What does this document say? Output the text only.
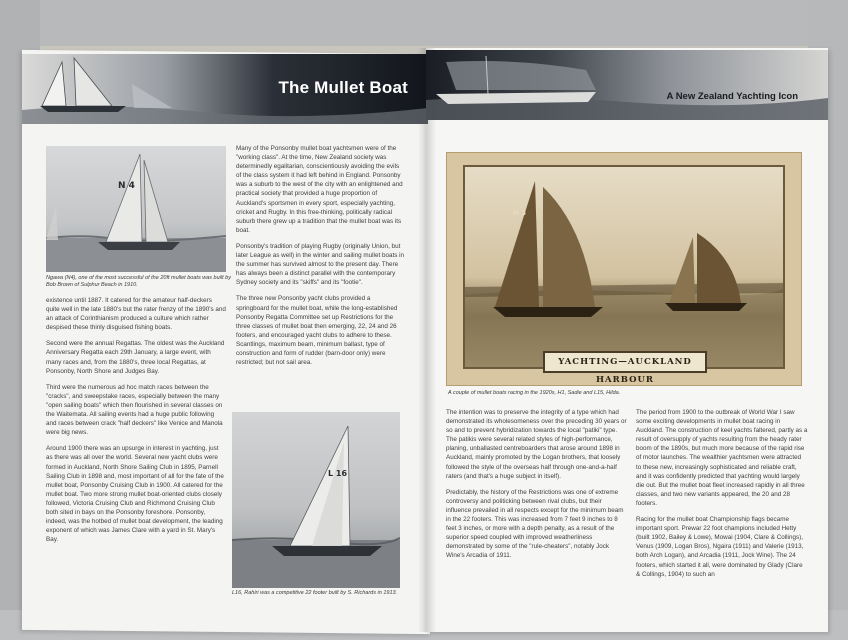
The Mullet Boat	A New Zealand Yachting Icon
N 4
Ngawa (N4), one of the most successful of the 20ft mullet boats was built by Bob Brown of Sulphur Beach in 1910.
L 16
L16, Rahiri was a competitive 22 footer built by S. Richards in 1913.
H 3
YACHTING—AUCKLAND HARBOUR
A couple of mullet boats racing in the 1920s, H1, Sadie and L15, Hilda.

existence until 1887. It catered for the amateur half-deckers quite well in the late 1880's but the rater frenzy of the 1890's and an attack of Corinthianism produced a culture which rather despised these thinly disguised fishing boats.

Second were the annual Regattas. The oldest was the Auckland Anniversary Regatta each 29th January, a large event, with many races and, from the 1880's, three local Regattas, at Ponsonby, North Shore and Judges Bay.

Third were the numerous ad hoc match races between the "cracks", and sweepstake races, especially between the many "open sailing boats" which then flourished in several classes on the Waitemata. All sailing events had a huge public following and races between crack "half deckers" like Venice and Manola were big news.

Around 1900 there was an upsurge in interest in yachting, just as there was all over the world. Several new yacht clubs were formed in Auckland, North Shore Sailing Club in 1895, Parnell Sailing Club in 1898 and, most important of all for the fate of the mullet boat, Ponsonby Cruising Club in 1900. All catered for the mullet boat. Two more strong mullet boat-oriented clubs closely followed, Victoria Cruising Club and Richmond Cruising Club both sited in bays on the Ponsonby foreshore. Ponsonby, indeed, was the hotbed of mullet boat development, the leading exponent of which was James Clare with a yard in St. Mary's Bay.

Many of the Ponsonby mullet boat yachtsmen were of the "working class". At the time, New Zealand society was determinedly egalitarian, conscientiously avoiding the evils of the class system it had left behind in England. Ponsonby was a suburb to the west of the city with an enlightened and practical society that provided a huge proportion of Auckland's sportsmen in every sport, especially yachting, cricket and Rugby. In this free-thinking, politically radical suburb there grew up a tradition that the mullet boat was its boat.

Ponsonby's tradition of playing Rugby (originally Union, but later League as well) in the winter and sailing mullet boats in the summer has survived almost to the present day. There has always been a distinct parallel with the contemporary Sydney society and its "skiffs" and its "footie".

The three new Ponsonby yacht clubs provided a springboard for the mullet boat, while the long-established Ponsonby Regatta Committee set up Restrictions for the three classes of mullet boat then emerging, 22, 24 and 26 footers, and encouraged yacht clubs to adhere to these. Scantlings, maximum beam, minimum ballast, type of construction and form of rudder (barn-door only) were restricted; but not sail area.

The intention was to preserve the integrity of a type which had demonstrated its wholesomeness over the preceding 30 years or so and to prevent hybridization towards the local "patiki" type. The patikis were several related styles of high-performance, planing, unballasted centreboarders that arose around 1898 in Auckland, mainly promoted by the Logan brothers, that loosely followed the style of the overseas half through one-and-a-half raters (and that's a huge subject in itself).

Predictably, the history of the Restrictions was one of extreme controversy and politicking between rival clubs, but their influence prevailed in all respects except for the minimum beam in the 22 footers. This was increased from 7 feet 9 inches to 8 feet 3 inches, or more with a depth penalty, as a result of the superior speed coupled with improved weatherliness demonstrated by some of the "rule-cheaters", notably Jock Wine's Arcadia of 1911.

The period from 1900 to the outbreak of World War I saw some exciting developments in mullet boat racing in Auckland. The construction of keel yachts faltered, partly as a result of oversupply of yachts resulting from the heady rater boom of the 1890s, but much more because of the rapid rise of motor launches. The wealthier yachtsmen were attracted to these new, increasingly sophisticated and reliable craft, and it was confidently predicted that yachting would largely die out. But the mullet boat fleet increased rapidly in all three classes, and two new variants appeared, the 20 and 28 footers.

Racing for the mullet boat Championship flags became important sport. Prewar 22 foot champions included Hetty (built 1902, Bailey & Lowe), Mowai (1904, Clare & Collings), Venus (1909, Logan Bros), Ngaira (1911) and Valerie (1913, both Arch Logan), and Arcadia (1911, Jock Wine). The 24 footers, which started it all, were dominated by Glady (Clare & Collings, 1904) to such an
